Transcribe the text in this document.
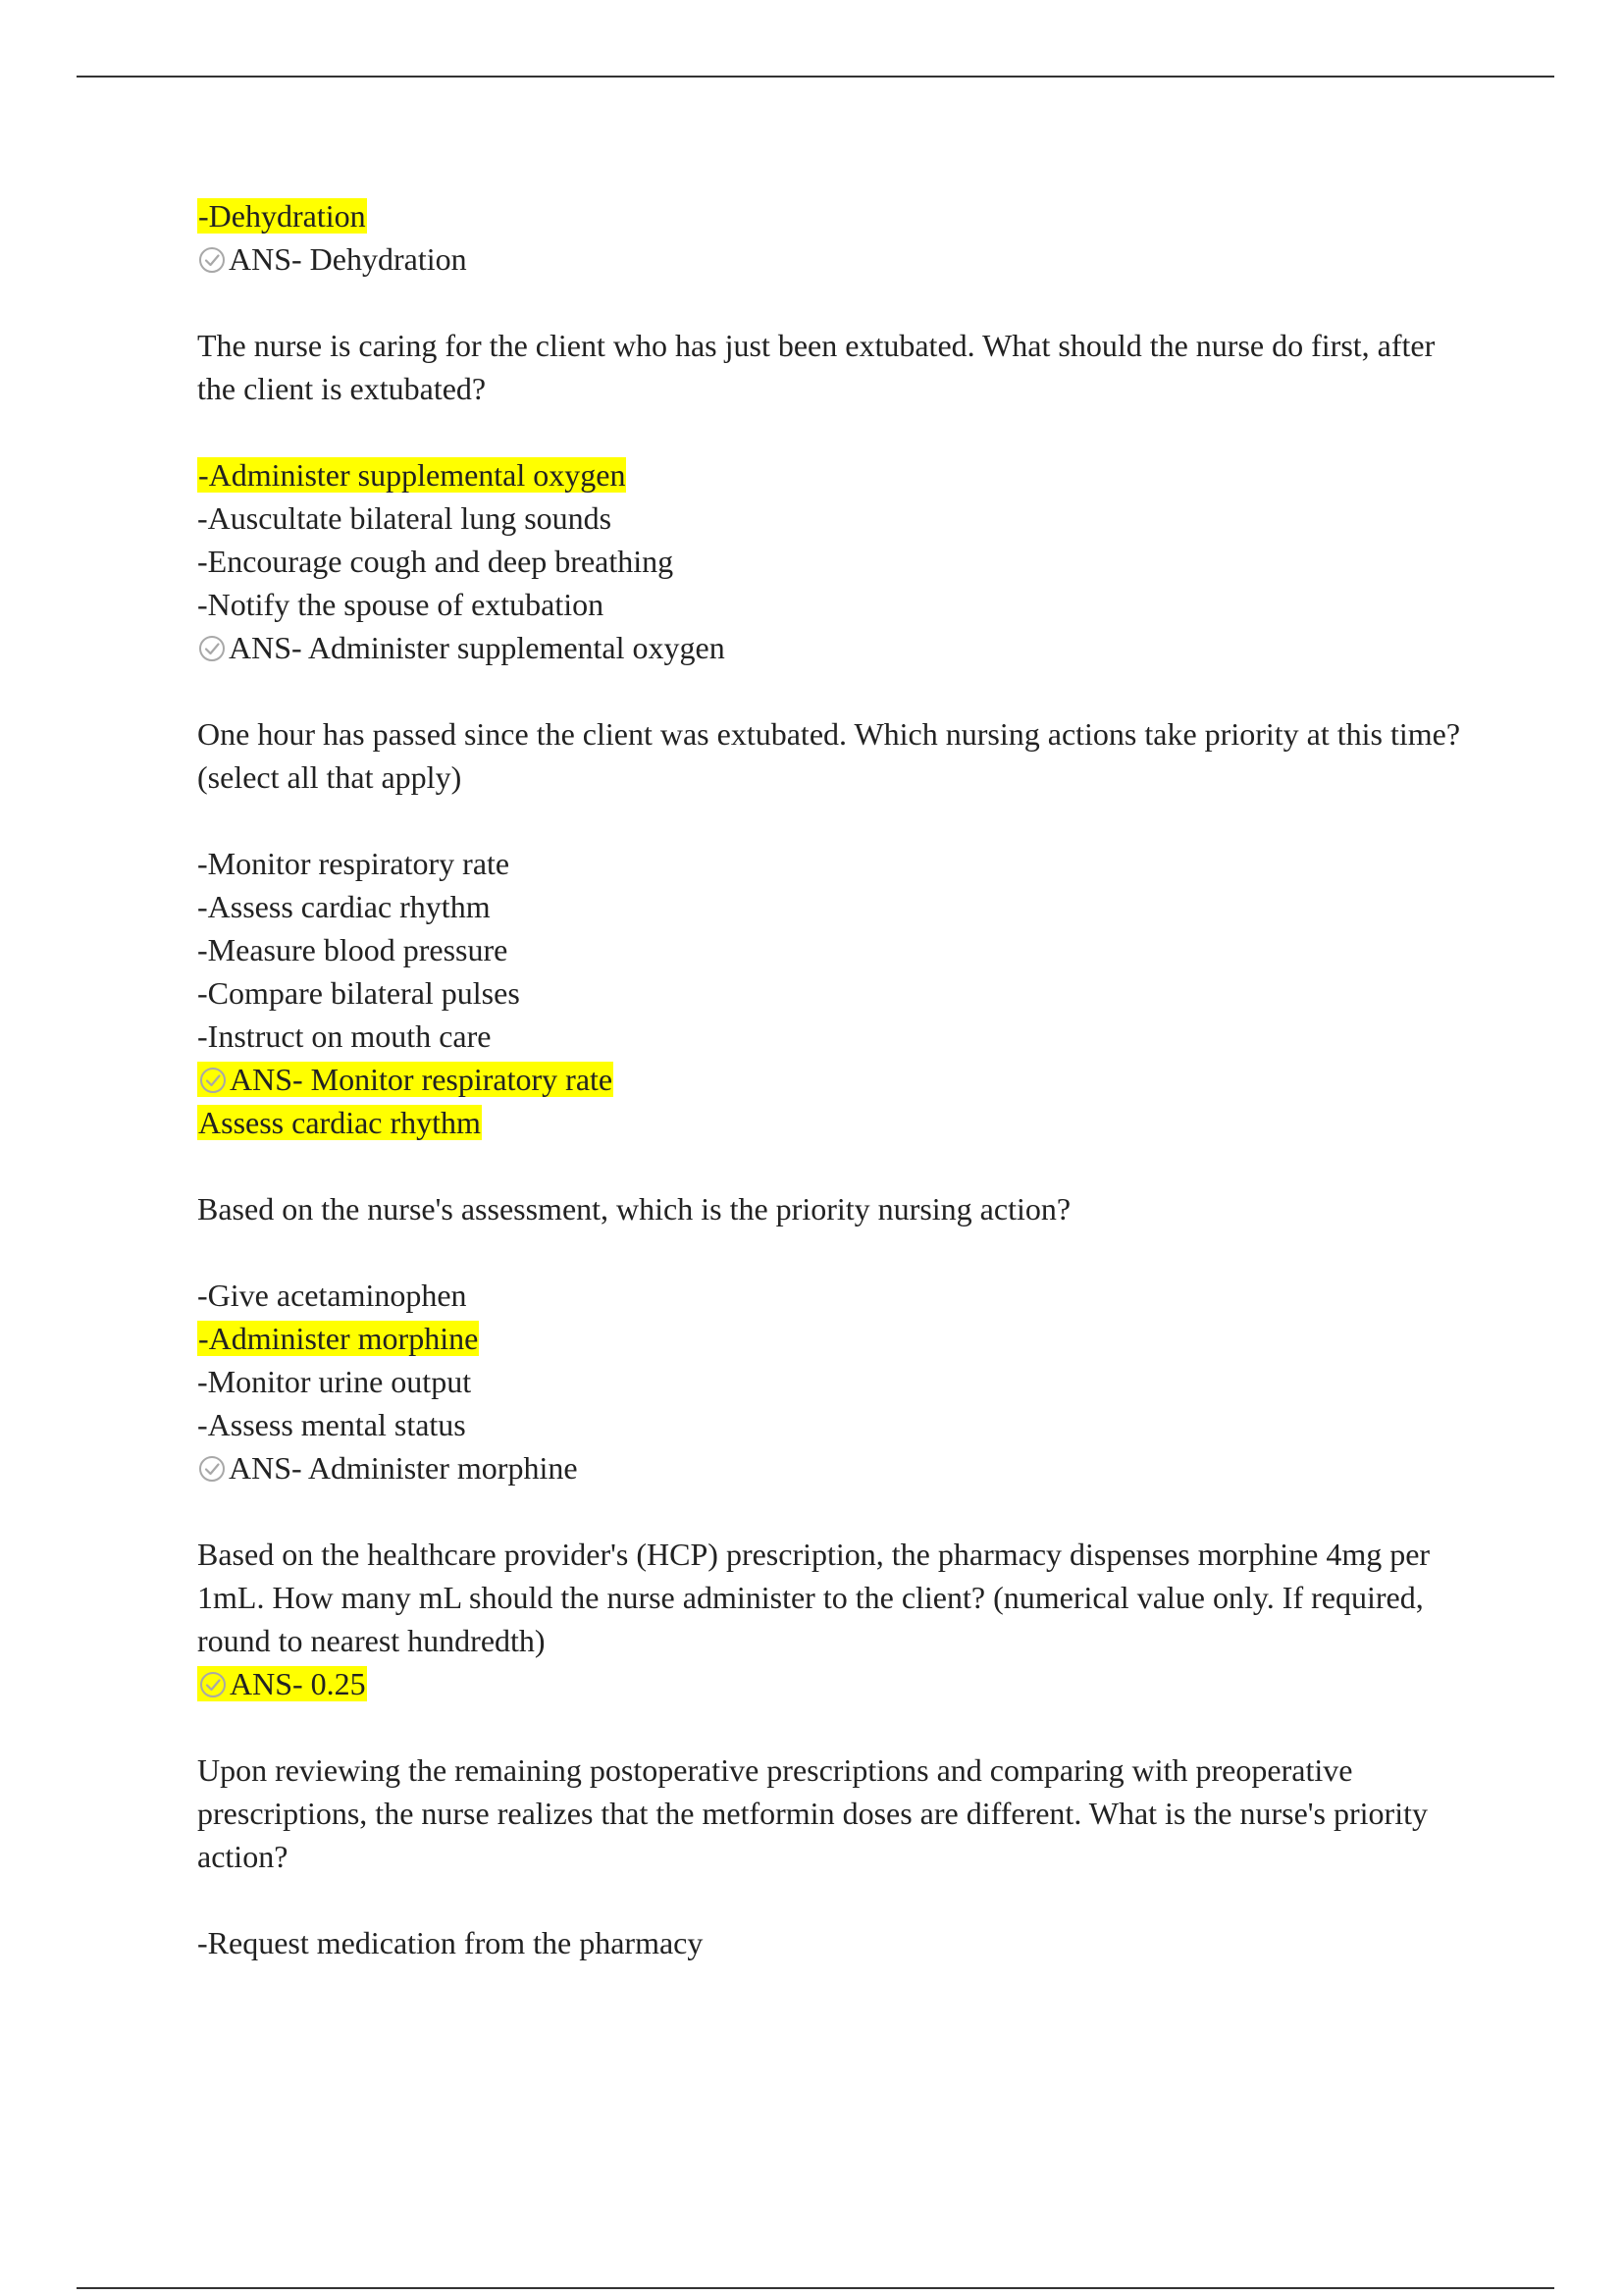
-Dehydration
ANS- Dehydration
The nurse is caring for the client who has just been extubated. What should the nurse do first, after the client is extubated?
-Administer supplemental oxygen
-Auscultate bilateral lung sounds
-Encourage cough and deep breathing
-Notify the spouse of extubation
ANS- Administer supplemental oxygen
One hour has passed since the client was extubated. Which nursing actions take priority at this time? (select all that apply)
-Monitor respiratory rate
-Assess cardiac rhythm
-Measure blood pressure
-Compare bilateral pulses
-Instruct on mouth care
ANS- Monitor respiratory rate
Assess cardiac rhythm
Based on the nurse's assessment, which is the priority nursing action?
-Give acetaminophen
-Administer morphine
-Monitor urine output
-Assess mental status
ANS- Administer morphine
Based on the healthcare provider's (HCP) prescription, the pharmacy dispenses morphine 4mg per 1mL. How many mL should the nurse administer to the client? (numerical value only. If required, round to nearest hundredth)
ANS- 0.25
Upon reviewing the remaining postoperative prescriptions and comparing with preoperative prescriptions, the nurse realizes that the metformin doses are different. What is the nurse's priority action?
-Request medication from the pharmacy
